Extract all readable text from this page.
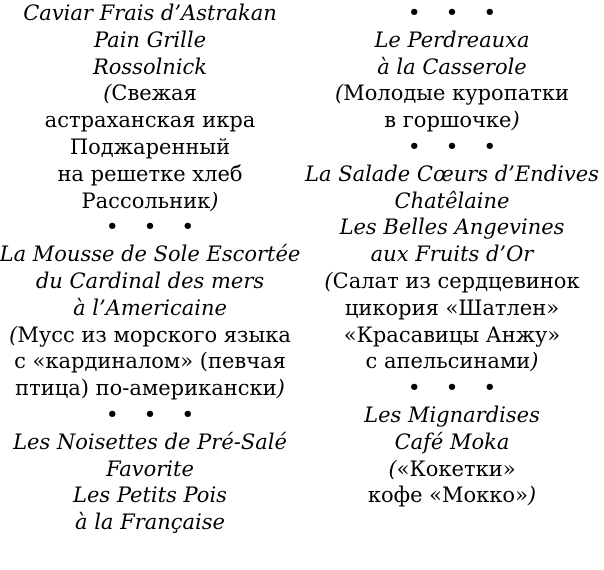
Caviar Frais d’Astrakan
Pain Grille
Rossolnick
(Свежая
астраханская икра
Поджаренный
на решетке хлеб
Рассольник)
• • •
La Mousse de Sole Escortée
du Cardinal des mers
à l’Americaine
(Мусс из морского языка
с «кардиналом» (певчая
птица) по-американски)
• • •
Les Noisettes de Pré-Salé
Favorite
Les Petits Pois
à la Française
• • •
Le Perdreauxa
à la Casserole
(Молодые куропатки
в горшочке)
• • •
La Salade Cœurs d’Endives
Chatêlaine
Les Belles Angevines
aux Fruits d’Or
(Салат из сердцевинок
цикория «Шатлен»
«Красавицы Анжу»
с апельсинами)
• • •
Les Mignardises
Café Moka
(«Кокетки»
кофе «Мокко»)
